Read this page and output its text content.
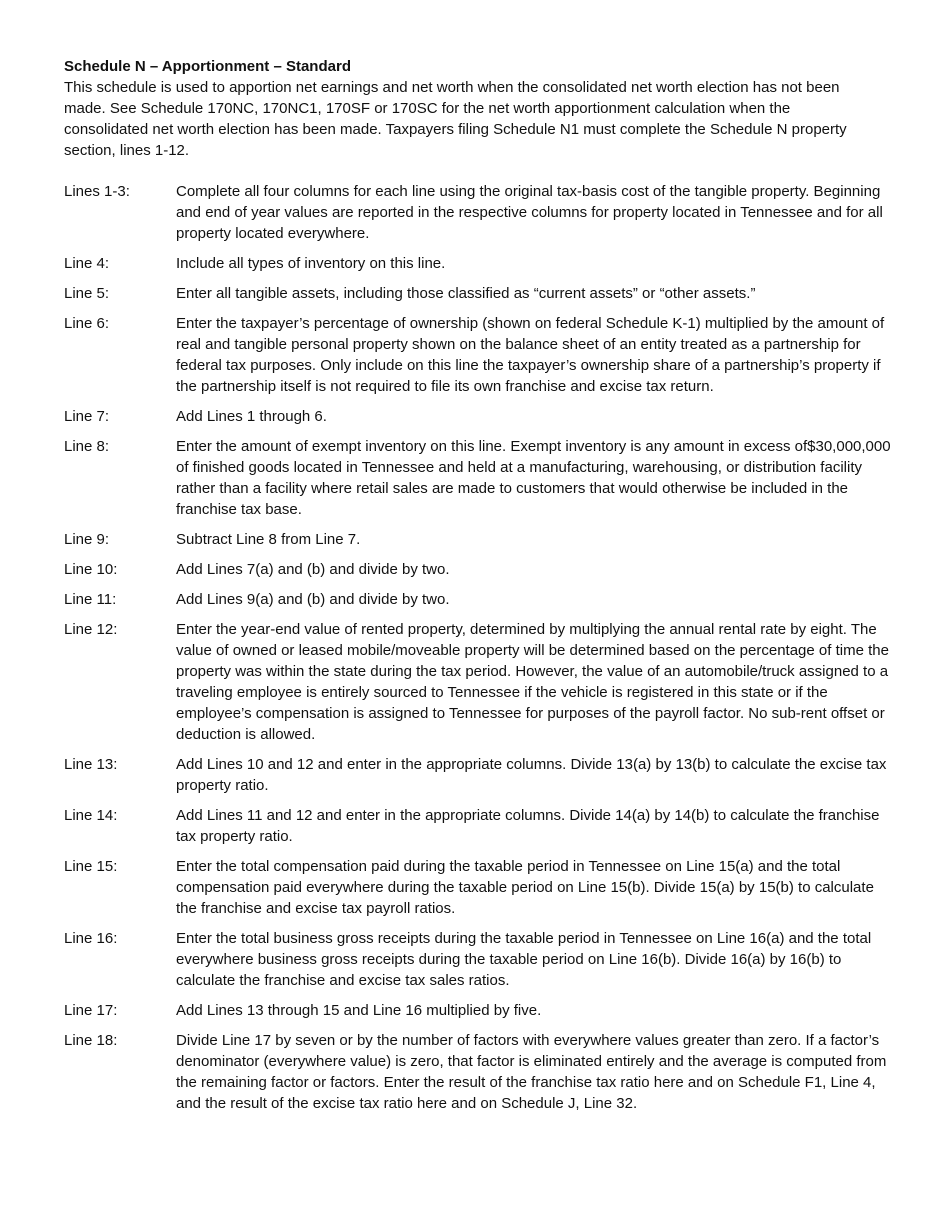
Schedule N – Apportionment – Standard

This schedule is used to apportion net earnings and net worth when the consolidated net worth election has not been made. See Schedule 170NC, 170NC1, 170SF or 170SC for the net worth apportionment calculation when the consolidated net worth election has been made. Taxpayers filing Schedule N1 must complete the Schedule N property section, lines 1-12.

Lines 1-3:	Complete all four columns for each line using the original tax-basis cost of the tangible property. Beginning and end of year values are reported in the respective columns for property located in Tennessee and for all property located everywhere.
Line 4:	Include all types of inventory on this line.
Line 5:	Enter all tangible assets, including those classified as “current assets” or “other assets.”
Line 6:	Enter the taxpayer’s percentage of ownership (shown on federal Schedule K-1) multiplied by the amount of real and tangible personal property shown on the balance sheet of an entity treated as a partnership for federal tax purposes. Only include on this line the taxpayer’s ownership share of a partnership’s property if the partnership itself is not required to file its own franchise and excise tax return.
Line 7:	Add Lines 1 through 6.
Line 8:	Enter the amount of exempt inventory on this line. Exempt inventory is any amount in excess of$30,000,000 of finished goods located in Tennessee and held at a manufacturing, warehousing, or distribution facility rather than a facility where retail sales are made to customers that would otherwise be included in the franchise tax base.
Line 9:	Subtract Line 8 from Line 7.
Line 10:	Add Lines 7(a) and (b) and divide by two.
Line 11:	Add Lines 9(a) and (b) and divide by two.
Line 12:	Enter the year-end value of rented property, determined by multiplying the annual rental rate by eight. The value of owned or leased mobile/moveable property will be determined based on the percentage of time the property was within the state during the tax period. However, the value of an automobile/truck assigned to a traveling employee is entirely sourced to Tennessee if the vehicle is registered in this state or if the employee’s compensation is assigned to Tennessee for purposes of the payroll factor. No sub-rent offset or deduction is allowed.
Line 13:	Add Lines 10 and 12 and enter in the appropriate columns. Divide 13(a) by 13(b) to calculate the excise tax property ratio.
Line 14:	Add Lines 11 and 12 and enter in the appropriate columns. Divide 14(a) by 14(b) to calculate the franchise tax property ratio.
Line 15:	Enter the total compensation paid during the taxable period in Tennessee on Line 15(a) and the total compensation paid everywhere during the taxable period on Line 15(b). Divide 15(a) by 15(b) to calculate the franchise and excise tax payroll ratios.
Line 16:	Enter the total business gross receipts during the taxable period in Tennessee on Line 16(a) and the total everywhere business gross receipts during the taxable period on Line 16(b). Divide 16(a) by 16(b) to calculate the franchise and excise tax sales ratios.
Line 17:	Add Lines 13 through 15 and Line 16 multiplied by five.
Line 18:	Divide Line 17 by seven or by the number of factors with everywhere values greater than zero. If a factor’s denominator (everywhere value) is zero, that factor is eliminated entirely and the average is computed from the remaining factor or factors. Enter the result of the franchise tax ratio here and on Schedule F1, Line 4, and the result of the excise tax ratio here and on Schedule J, Line 32.
